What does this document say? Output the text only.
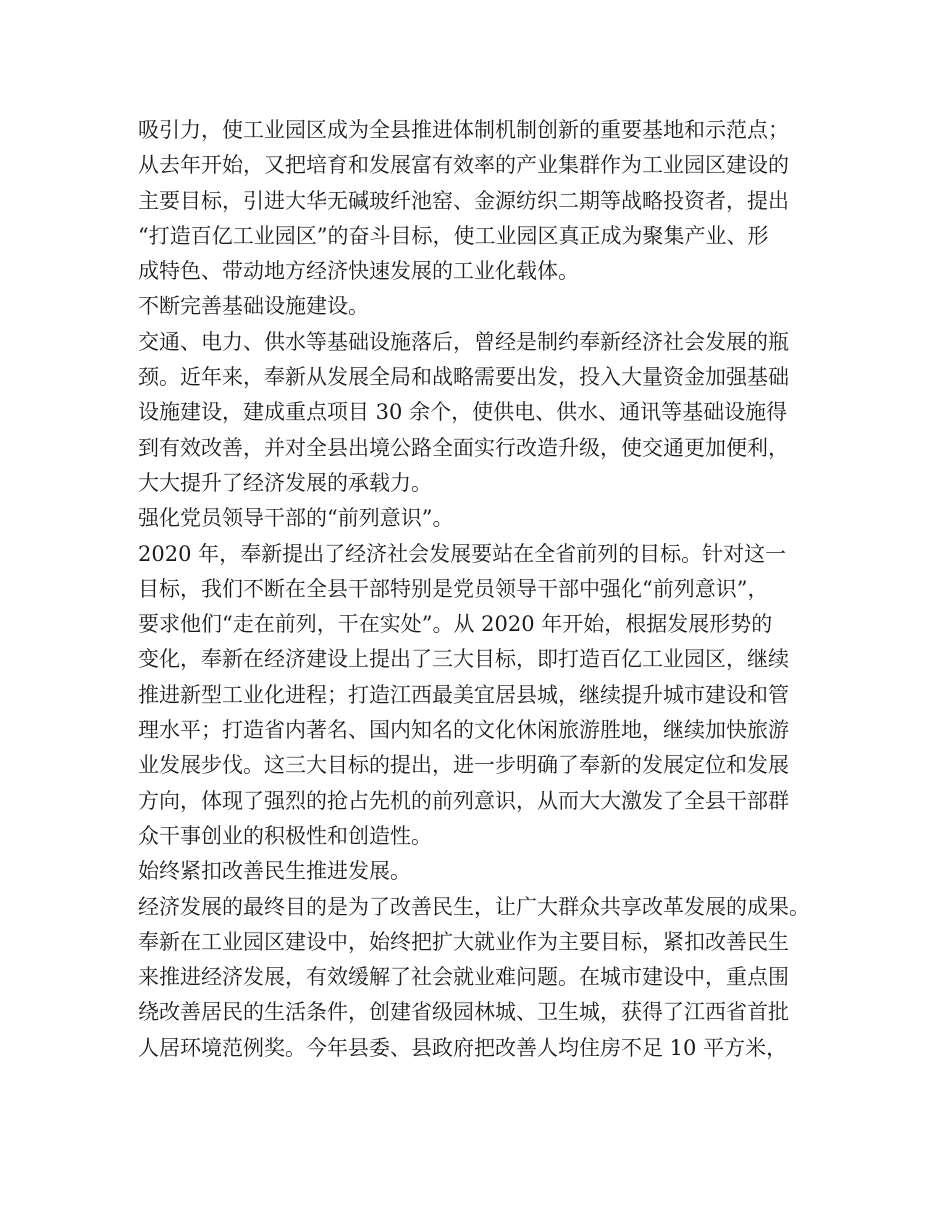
吸引力，使工业园区成为全县推进体制机制创新的重要基地和示范点；
从去年开始，又把培育和发展富有效率的产业集群作为工业园区建设的
主要目标，引进大华无碱玻纤池窑、金源纺织二期等战略投资者，提出
“打造百亿工业园区”的奋斗目标，使工业园区真正成为聚集产业、形
成特色、带动地方经济快速发展的工业化载体。
不断完善基础设施建设。
交通、电力、供水等基础设施落后，曾经是制约奉新经济社会发展的瓶
颈。近年来，奉新从发展全局和战略需要出发，投入大量资金加强基础
设施建设，建成重点项目 30 余个，使供电、供水、通讯等基础设施得
到有效改善，并对全县出境公路全面实行改造升级，使交通更加便利，
大大提升了经济发展的承载力。
强化党员领导干部的“前列意识”。
2020 年，奉新提出了经济社会发展要站在全省前列的目标。针对这一
目标，我们不断在全县干部特别是党员领导干部中强化“前列意识”，
要求他们“走在前列，干在实处”。从 2020 年开始，根据发展形势的
变化，奉新在经济建设上提出了三大目标，即打造百亿工业园区，继续
推进新型工业化进程；打造江西最美宜居县城，继续提升城市建设和管
理水平；打造省内著名、国内知名的文化休闲旅游胜地，继续加快旅游
业发展步伐。这三大目标的提出，进一步明确了奉新的发展定位和发展
方向，体现了强烈的抢占先机的前列意识，从而大大激发了全县干部群
众干事创业的积极性和创造性。
始终紧扣改善民生推进发展。
经济发展的最终目的是为了改善民生，让广大群众共享改革发展的成果。
奉新在工业园区建设中，始终把扩大就业作为主要目标，紧扣改善民生
来推进经济发展，有效缓解了社会就业难问题。在城市建设中，重点围
绕改善居民的生活条件，创建省级园林城、卫生城，获得了江西省首批
人居环境范例奖。今年县委、县政府把改善人均住房不足 10 平方米，
